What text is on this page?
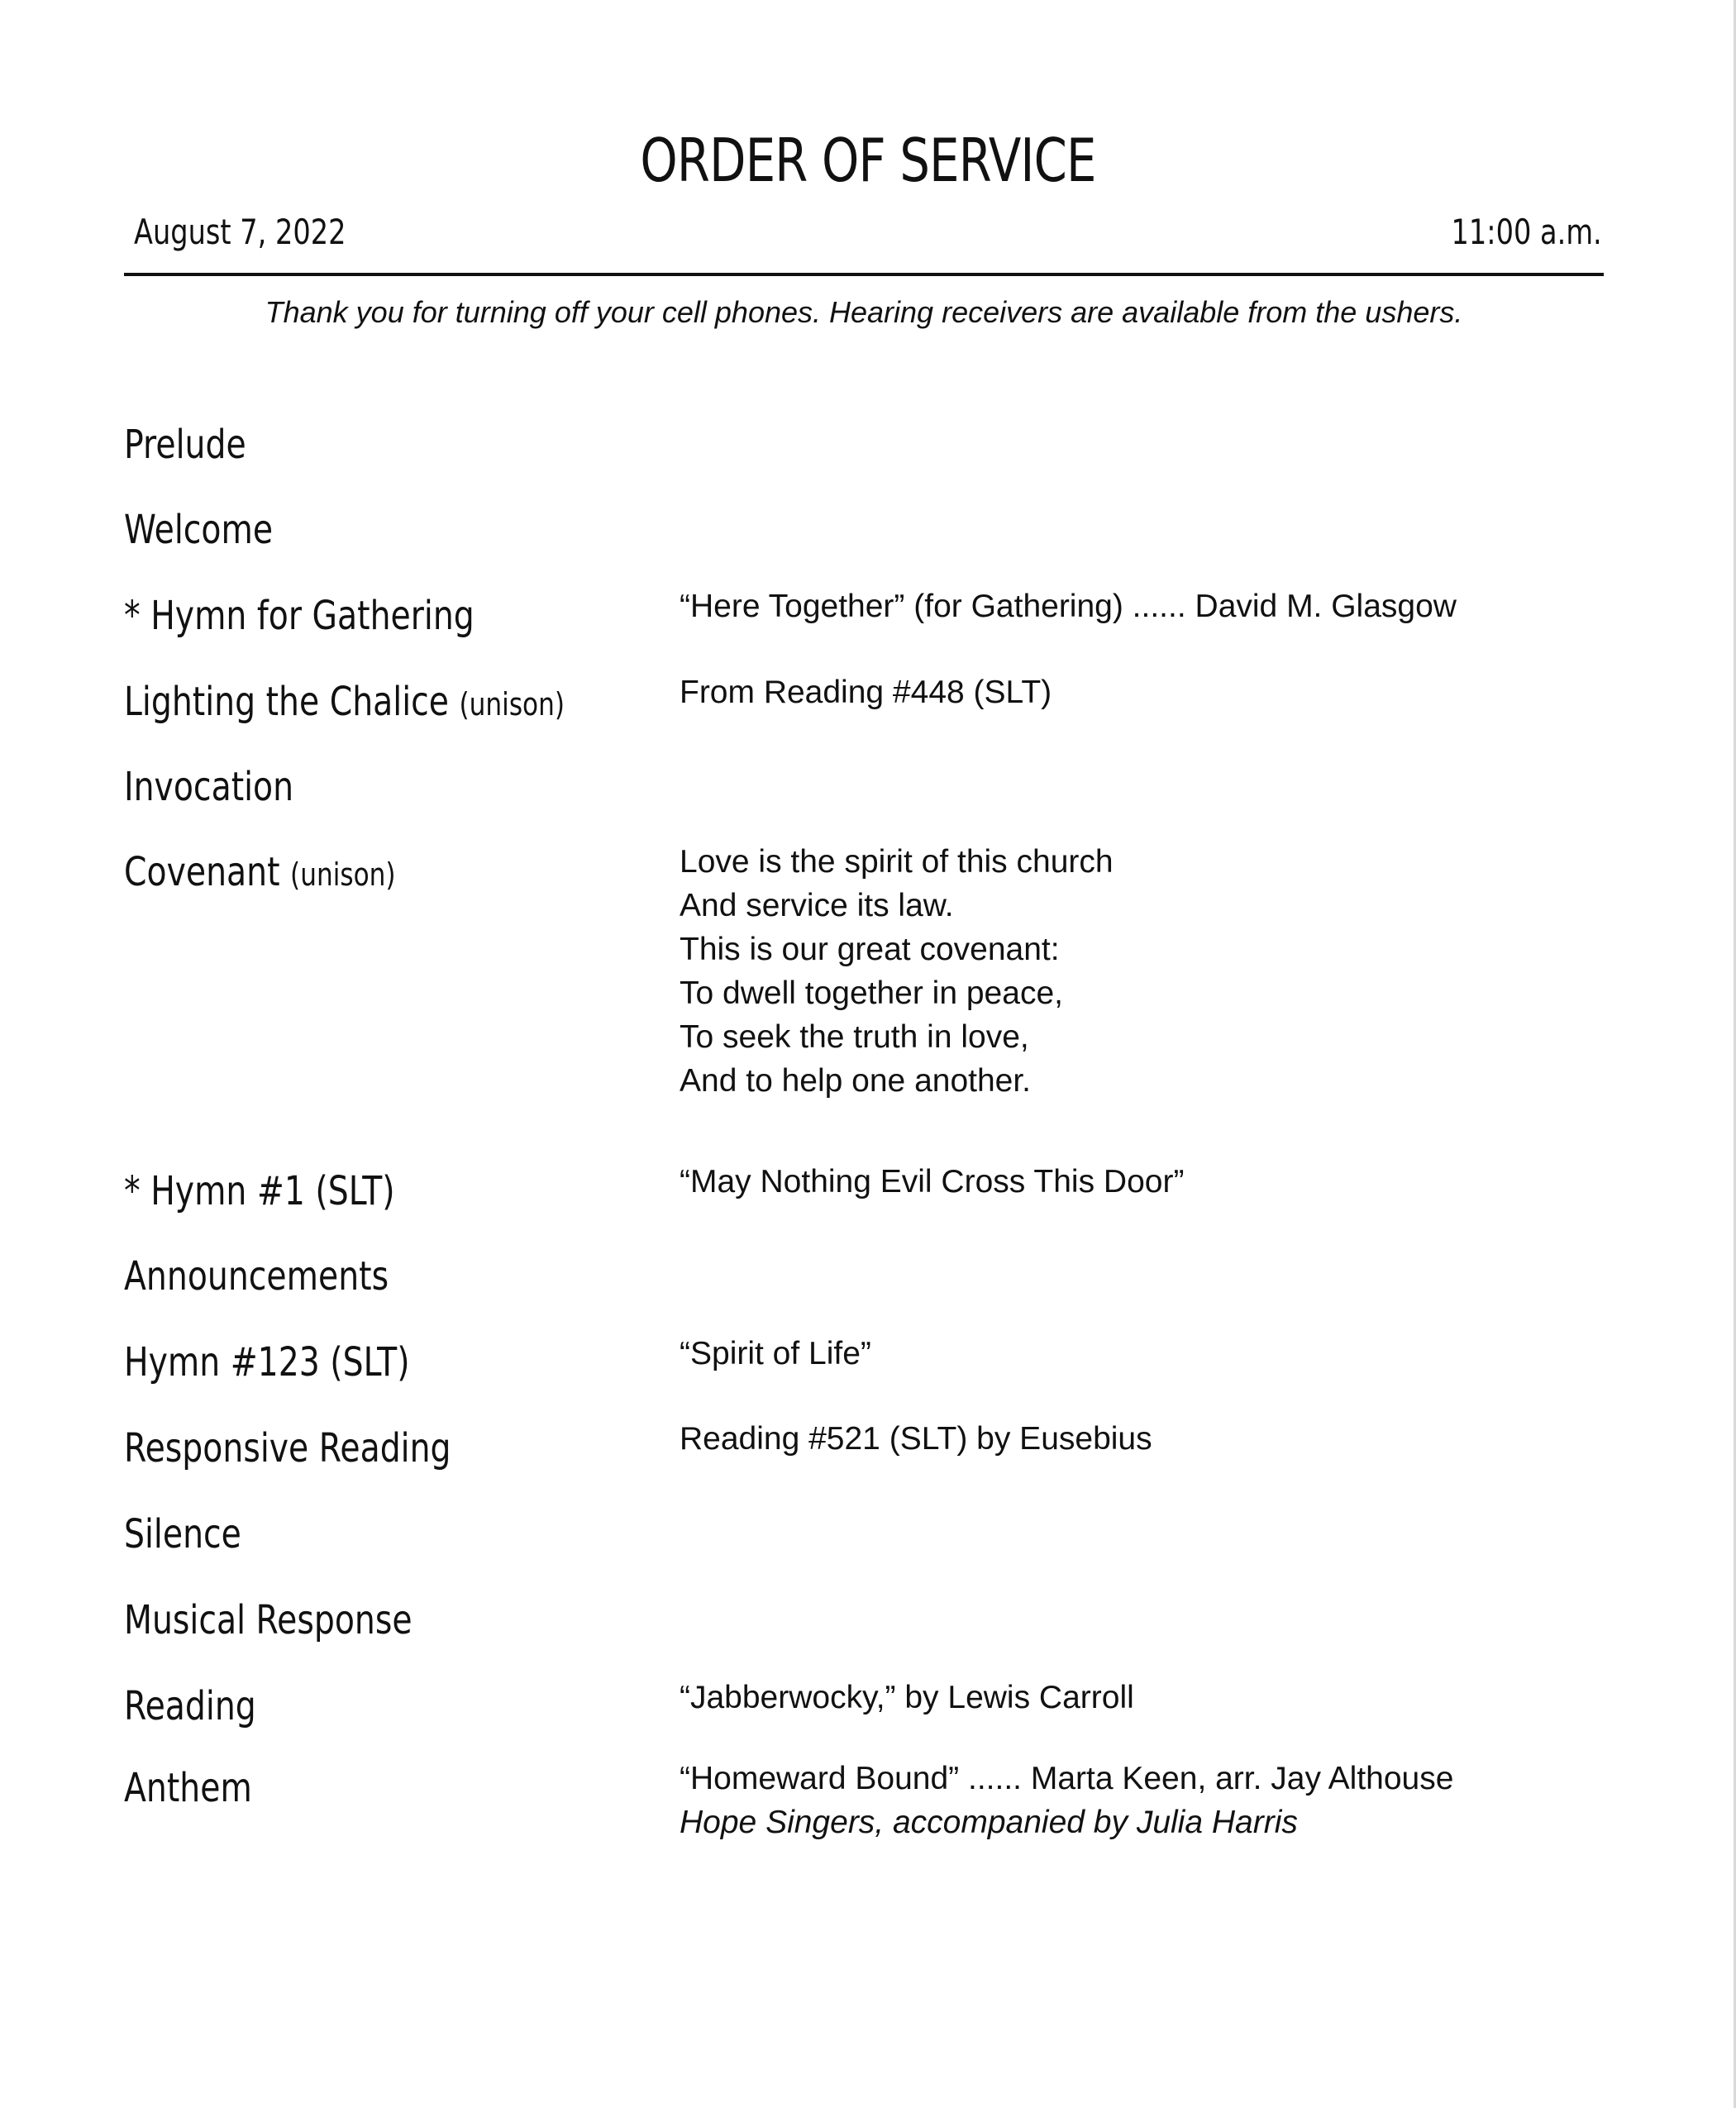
ORDER OF SERVICE
August 7, 2022	11:00 a.m.
Thank you for turning off your cell phones. Hearing receivers are available from the ushers.
Prelude
Welcome
* Hymn for Gathering	“Here Together” (for Gathering) ...... David M. Glasgow
Lighting the Chalice (unison)	From Reading #448 (SLT)
Invocation
Covenant (unison)	Love is the spirit of this church
And service its law.
This is our great covenant:
To dwell together in peace,
To seek the truth in love,
And to help one another.
* Hymn #1 (SLT)	“May Nothing Evil Cross This Door”
Announcements
Hymn #123 (SLT)	“Spirit of Life”
Responsive Reading	Reading #521 (SLT) by Eusebius
Silence
Musical Response
Reading	“Jabberwocky,” by Lewis Carroll
Anthem	“Homeward Bound” ...... Marta Keen, arr. Jay Althouse
Hope Singers, accompanied by Julia Harris
